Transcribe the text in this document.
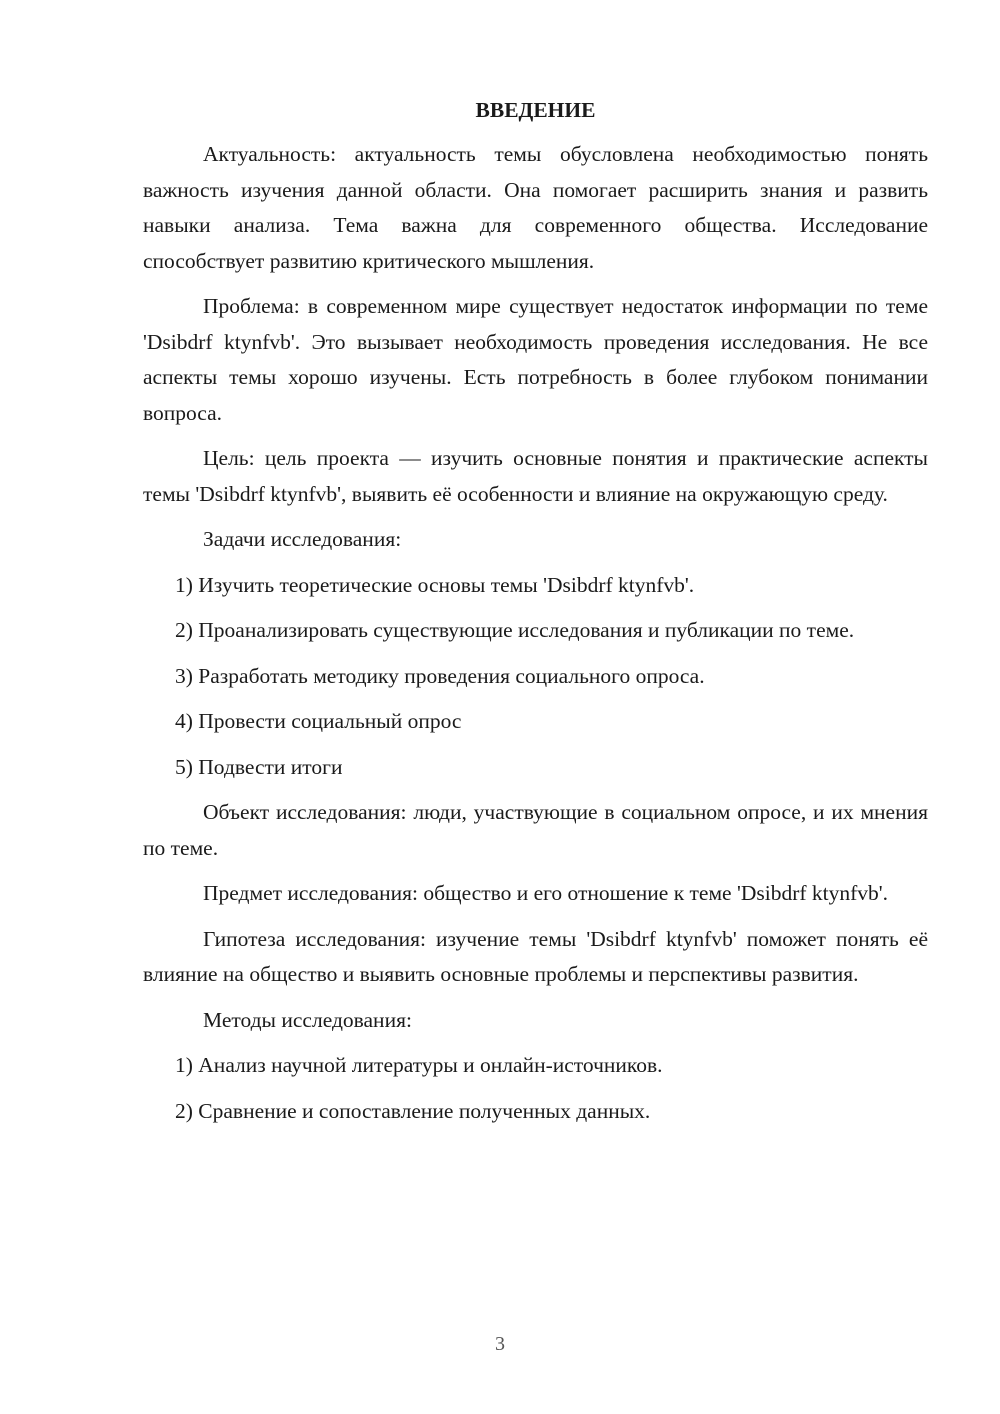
ВВЕДЕНИЕ

Актуальность: актуальность темы обусловлена необходимостью понять важность изучения данной области. Она помогает расширить знания и развить навыки анализа. Тема важна для современного общества. Исследование способствует развитию критического мышления.

Проблема: в современном мире существует недостаток информации по теме 'Dsibdrf ktynfvb'. Это вызывает необходимость проведения исследования. Не все аспекты темы хорошо изучены. Есть потребность в более глубоком понимании вопроса.

Цель: цель проекта — изучить основные понятия и практические аспекты темы 'Dsibdrf ktynfvb', выявить её особенности и влияние на окружающую среду.

Задачи исследования:

1) Изучить теоретические основы темы 'Dsibdrf ktynfvb'.

2) Проанализировать существующие исследования и публикации по теме.

3) Разработать методику проведения социального опроса.

4) Провести социальный опрос

5) Подвести итоги

Объект исследования: люди, участвующие в социальном опросе, и их мнения по теме.

Предмет исследования: общество и его отношение к теме 'Dsibdrf ktynfvb'.

Гипотеза исследования: изучение темы 'Dsibdrf ktynfvb' поможет понять её влияние на общество и выявить основные проблемы и перспективы развития.

Методы исследования:

1) Анализ научной литературы и онлайн-источников.

2) Сравнение и сопоставление полученных данных.

3
